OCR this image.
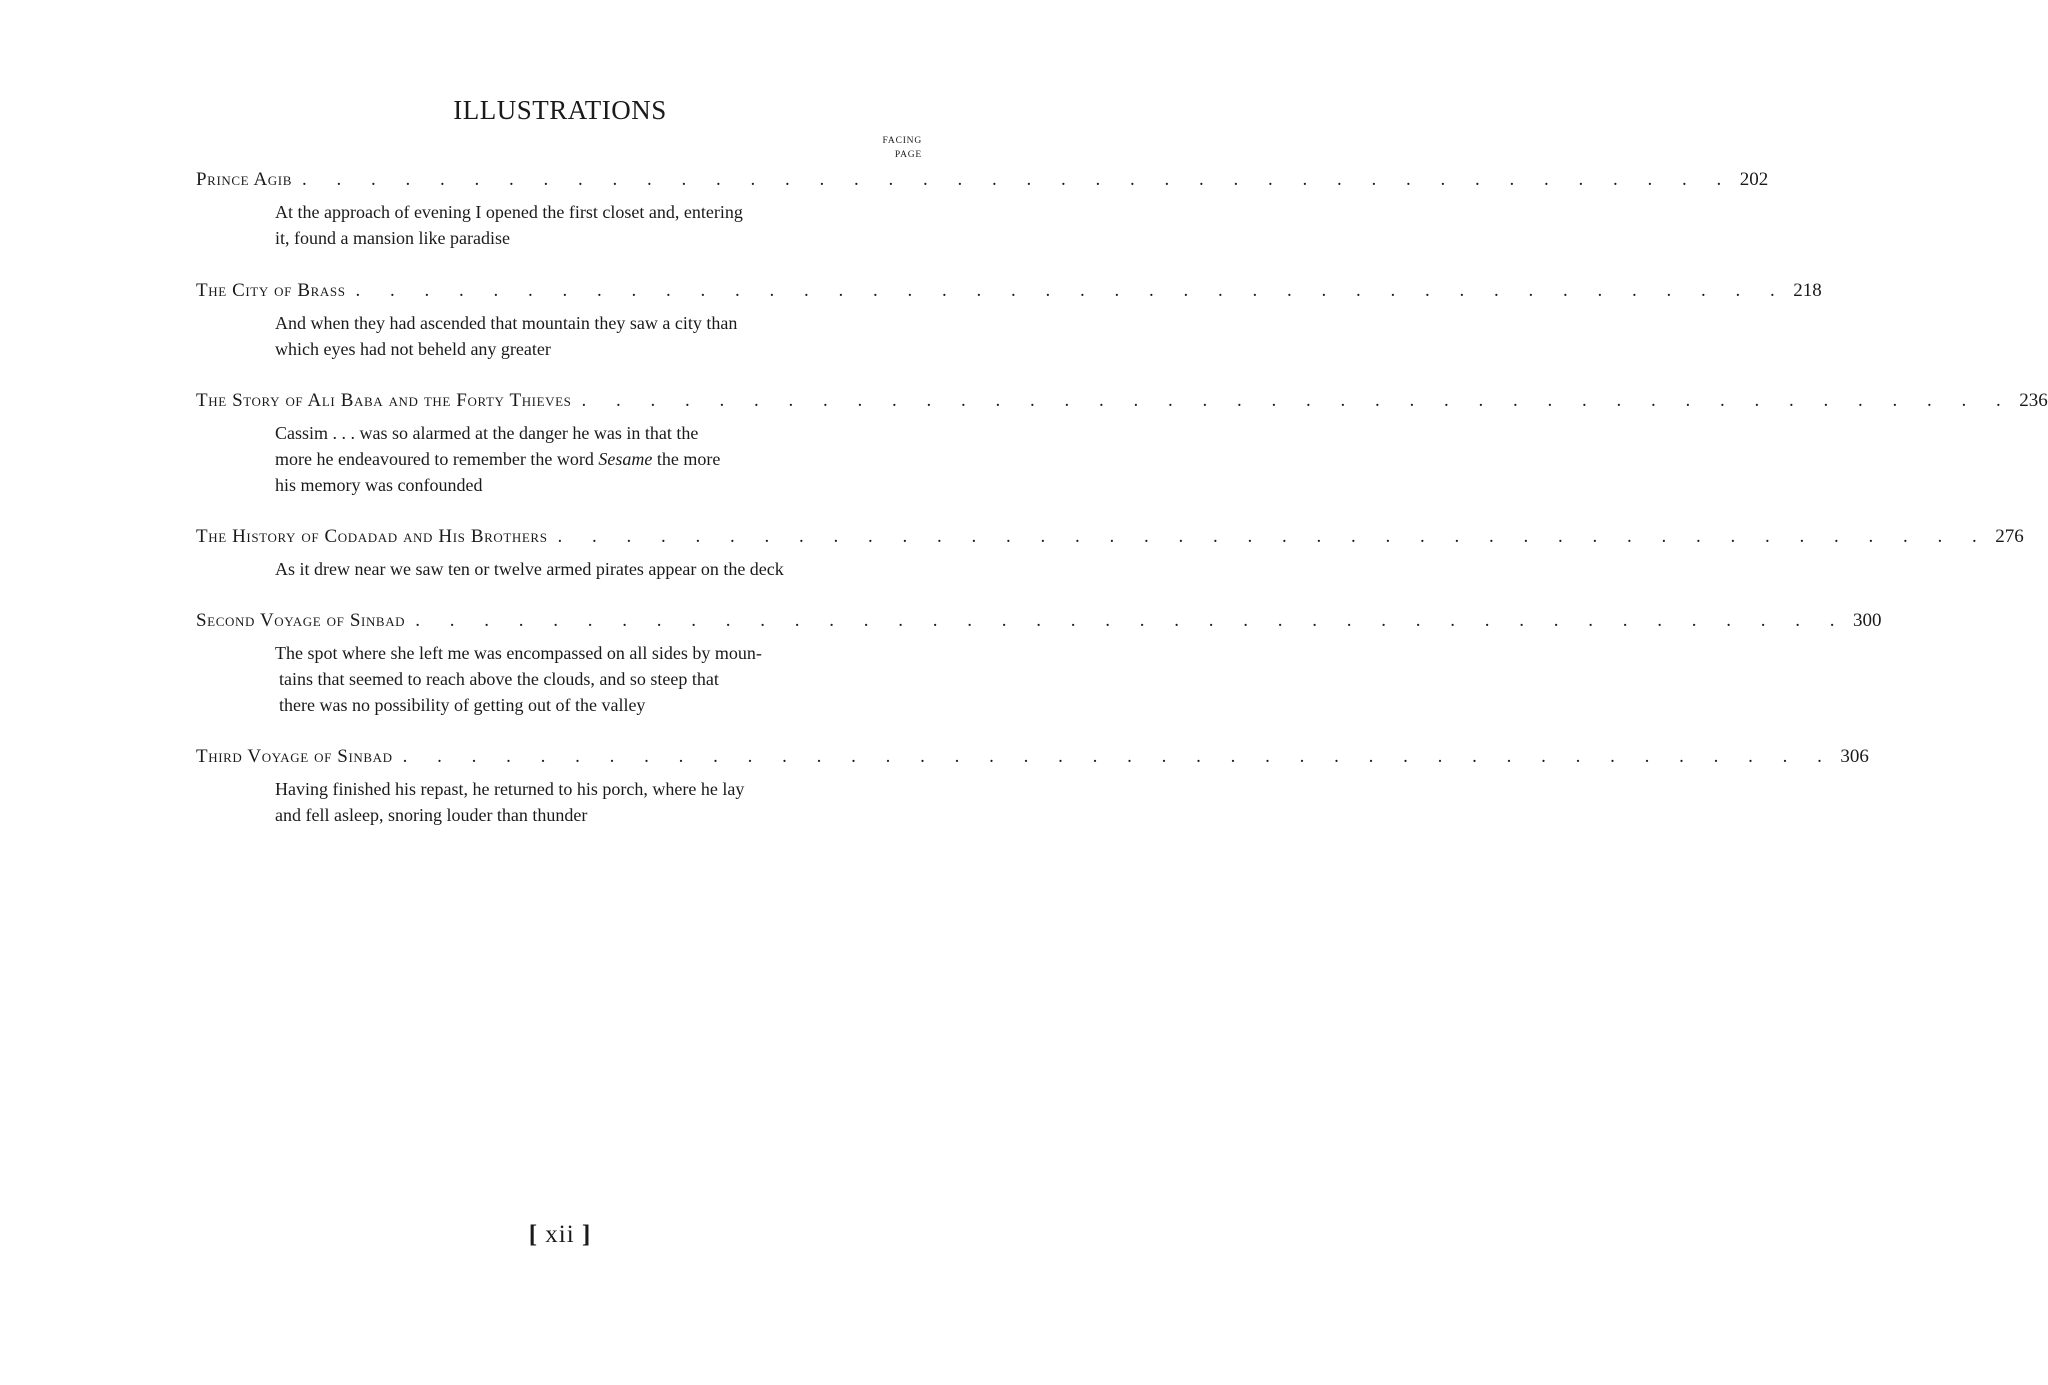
ILLUSTRATIONS
FACING
PAGE
Prince Agib . . . . . . . . . . . . . . . . . . . . . . . . . . . . . . . . . . . . . . . . . . 202
At the approach of evening I opened the first closet and, entering
it, found a mansion like paradise
The City of Brass . . . . . . . . . . . . . . . . . . . . . . . . . . . . . . . . . . . . . . . . . . 218
And when they had ascended that mountain they saw a city than
which eyes had not beheld any greater
The Story of Ali Baba and the Forty Thieves . . . . . . . . . . . . . . . . . . . . . . . . . . . . . . . . . . . . . . . . . . 236
Cassim . . . was so alarmed at the danger he was in that the
more he endeavoured to remember the word Sesame the more
his memory was confounded
The History of Codadad and His Brothers . . . . . . . . . . . . . . . . . . . . . . . . . . . . . . . . . . . . . . . . . . 276
As it drew near we saw ten or twelve armed pirates appear on the deck
Second Voyage of Sinbad . . . . . . . . . . . . . . . . . . . . . . . . . . . . . . . . . . . . . . . . . . 300
The spot where she left me was encompassed on all sides by moun-
tains that seemed to reach above the clouds, and so steep that
there was no possibility of getting out of the valley
Third Voyage of Sinbad . . . . . . . . . . . . . . . . . . . . . . . . . . . . . . . . . . . . . . . . . . 306
Having finished his repast, he returned to his porch, where he lay
and fell asleep, snoring louder than thunder
[ xii ]
